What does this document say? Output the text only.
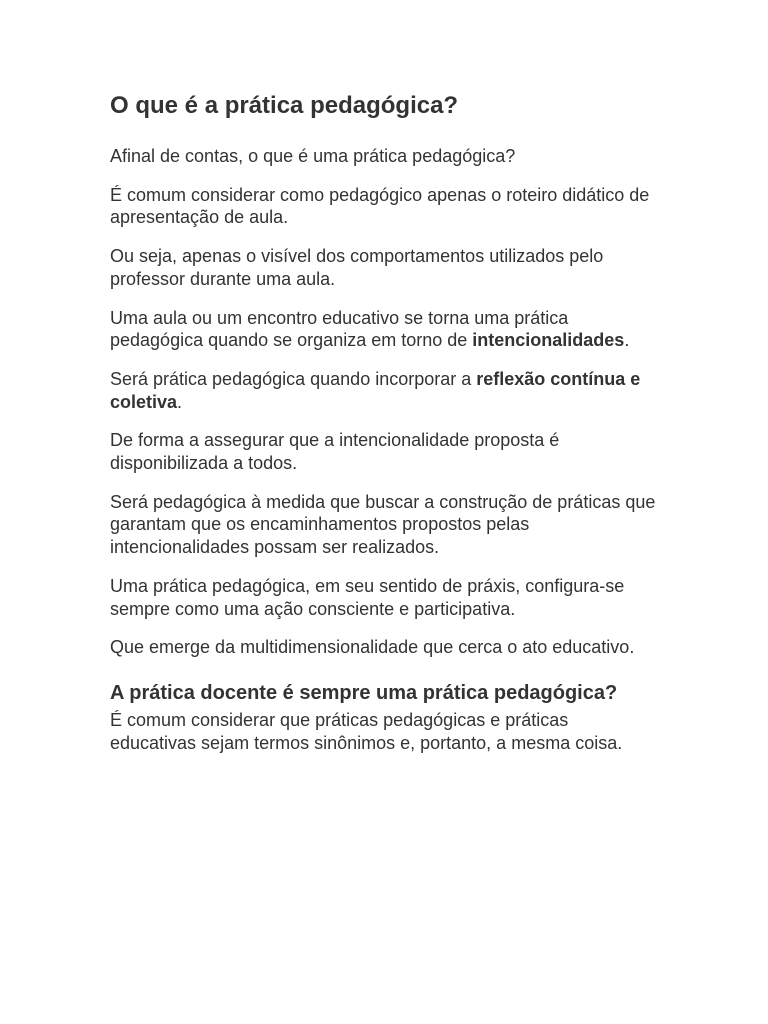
O que é a prática pedagógica?

Afinal de contas, o que é uma prática pedagógica?

É comum considerar como pedagógico apenas o roteiro didático de apresentação de aula.

Ou seja, apenas o visível dos comportamentos utilizados pelo professor durante uma aula.

Uma aula ou um encontro educativo se torna uma prática pedagógica quando se organiza em torno de intencionalidades.

Será prática pedagógica quando incorporar a reflexão contínua e coletiva.

De forma a assegurar que a intencionalidade proposta é disponibilizada a todos.

Será pedagógica à medida que buscar a construção de práticas que garantam que os encaminhamentos propostos pelas intencionalidades possam ser realizados.

Uma prática pedagógica, em seu sentido de práxis, configura-se sempre como uma ação consciente e participativa.

Que emerge da multidimensionalidade que cerca o ato educativo.

A prática docente é sempre uma prática pedagógica?

É comum considerar que práticas pedagógicas e práticas educativas sejam termos sinônimos e, portanto, a mesma coisa.
